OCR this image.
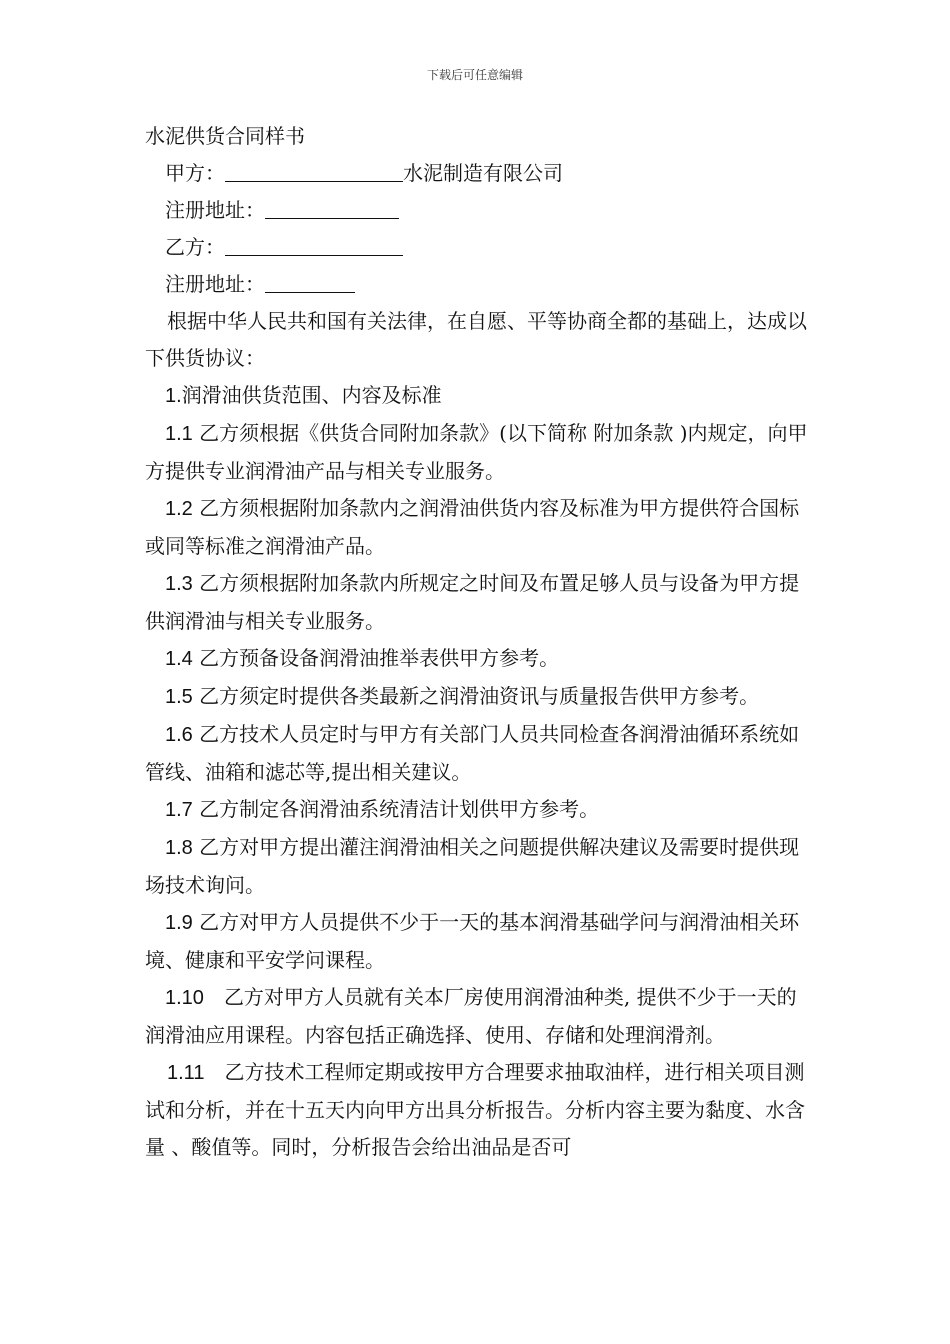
下载后可任意编辑

水泥供货合同样书

甲方：	水泥制造有限公司

注册地址：

乙方：

注册地址：

根据中华人民共和国有关法律，在自愿、平等协商全都的基础上，达成以下供货协议：

1.润滑油供货范围、内容及标准

1.1 乙方须根据《供货合同附加条款》(以下简称 附加条款 )内规定，向甲方提供专业润滑油产品与相关专业服务。

1.2 乙方须根据附加条款内之润滑油供货内容及标准为甲方提供符合国标或同等标准之润滑油产品。

1.3 乙方须根据附加条款内所规定之时间及布置足够人员与设备为甲方提供润滑油与相关专业服务。

1.4 乙方预备设备润滑油推举表供甲方参考。

1.5 乙方须定时提供各类最新之润滑油资讯与质量报告供甲方参考。

1.6 乙方技术人员定时与甲方有关部门人员共同检查各润滑油循环系统如管线、油箱和滤芯等,提出相关建议。

1.7 乙方制定各润滑油系统清洁计划供甲方参考。

1.8 乙方对甲方提出灌注润滑油相关之问题提供解决建议及需要时提供现场技术询问。

1.9 乙方对甲方人员提供不少于一天的基本润滑基础学问与润滑油相关环境、健康和平安学问课程。

1.10 乙方对甲方人员就有关本厂房使用润滑油种类, 提供不少于一天的润滑油应用课程。内容包括正确选择、使用、存储和处理润滑剂。

1.11 乙方技术工程师定期或按甲方合理要求抽取油样，进行相关项目测试和分析，并在十五天内向甲方出具分析报告。分析内容主要为黏度、水含量 、酸值等。同时，分析报告会给出油品是否可
